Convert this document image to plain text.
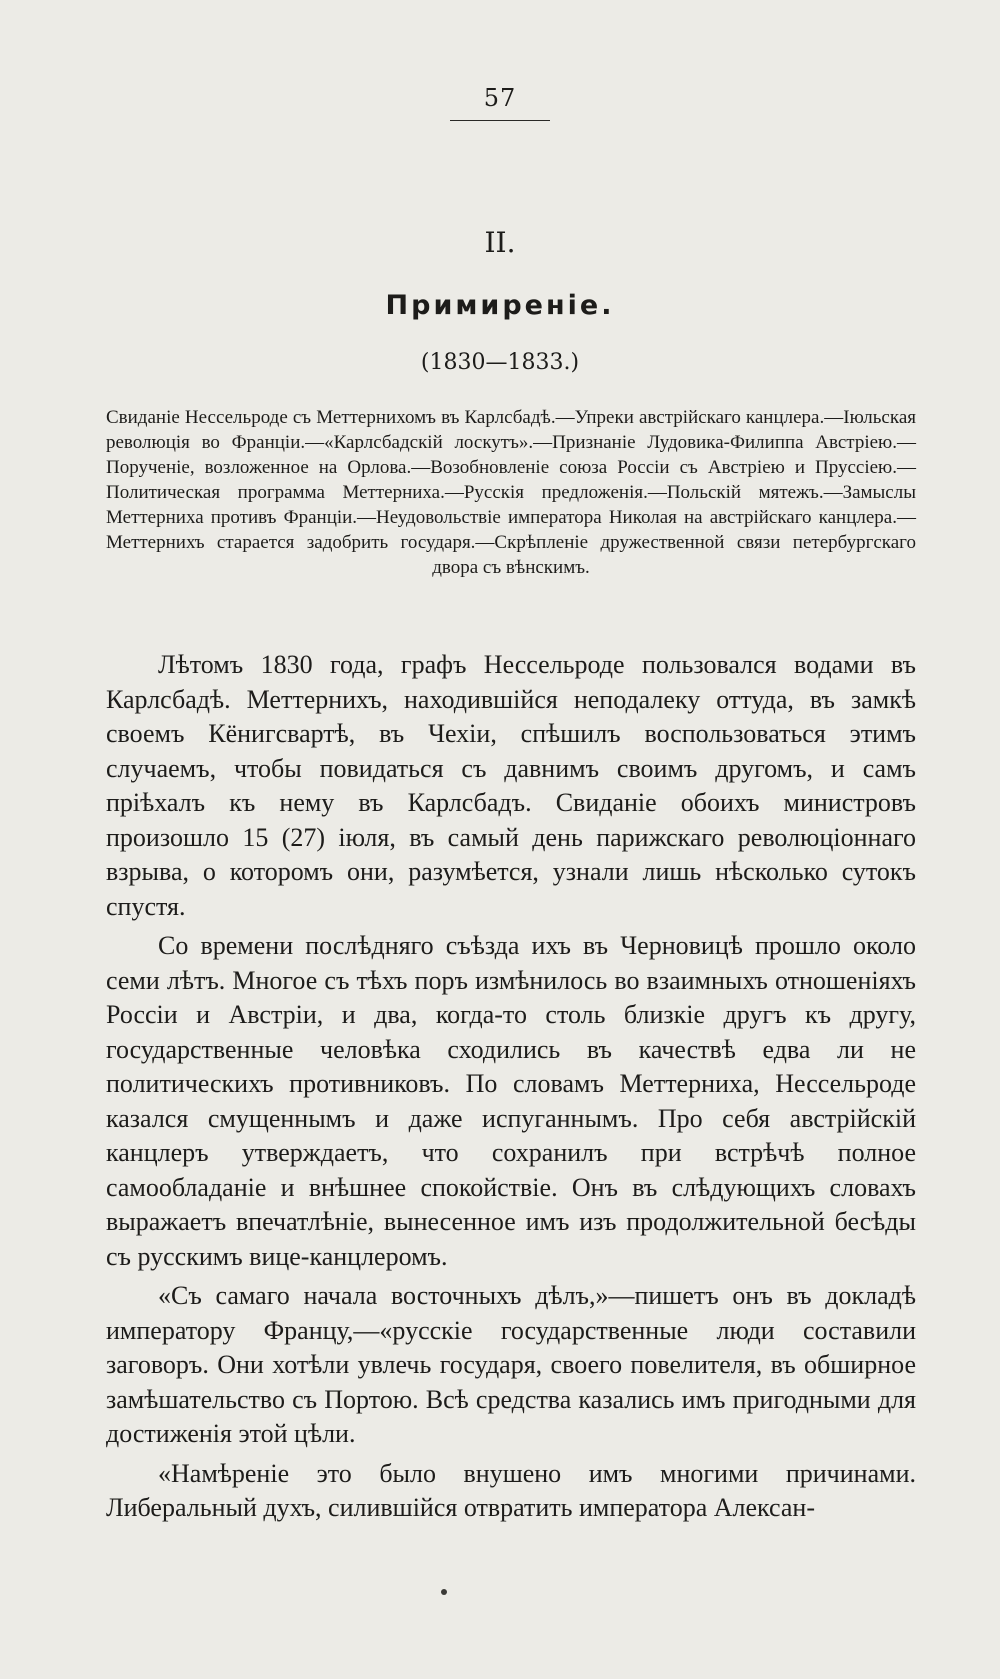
57
II.
Примиреніе.
(1830—1833.)
Свиданіе Нессельроде съ Меттернихомъ въ Карлсбадѣ.—Упреки австрійскаго канцлера.—Іюльская революція во Франціи.—«Карлсбадскій лоскутъ».—Признаніе Лудовика-Филиппа Австріею.—Порученіе, возложенное на Орлова.—Возобновленіе союза Россіи съ Австріею и Пруссіею.—Политическая программа Меттерниха.—Русскія предложенія.—Польскій мятежъ.—Замыслы Меттерниха противъ Франціи.—Неудовольствіе императора Николая на австрійскаго канцлера.—Меттернихъ старается задобрить государя.—Скрѣпленіе дружественной связи петербургскаго двора съ вѣнскимъ.

Лѣтомъ 1830 года, графъ Нессельроде пользовался водами въ Карлсбадѣ. Меттернихъ, находившійся неподалеку оттуда, въ замкѣ своемъ Кёнигсвартѣ, въ Чехіи, спѣшилъ воспользоваться этимъ случаемъ, чтобы повидаться съ давнимъ своимъ другомъ, и самъ пріѣхалъ къ нему въ Карлсбадъ. Свиданіе обоихъ министровъ произошло 15 (27) іюля, въ самый день парижскаго революціоннаго взрыва, о которомъ они, разумѣется, узнали лишь нѣсколько сутокъ спустя.

Со времени послѣдняго съѣзда ихъ въ Черновицѣ прошло около семи лѣтъ. Многое съ тѣхъ поръ измѣнилось во взаимныхъ отношеніяхъ Россіи и Австріи, и два, когда-то столь близкіе другъ къ другу, государственные человѣка сходились въ качествѣ едва ли не политическихъ противниковъ. По словамъ Меттерниха, Нессельроде казался смущеннымъ и даже испуганнымъ. Про себя австрійскій канцлеръ утверждаетъ, что сохранилъ при встрѣчѣ полное самообладаніе и внѣшнее спокойствіе. Онъ въ слѣдующихъ словахъ выражаетъ впечатлѣніе, вынесенное имъ изъ продолжительной бесѣды съ русскимъ вице-канцлеромъ.

«Съ самаго начала восточныхъ дѣлъ,»—пишетъ онъ въ докладѣ императору Францу,—«русскіе государственные люди составили заговоръ. Они хотѣли увлечь государя, своего повелителя, въ обширное замѣшательство съ Портою. Всѣ средства казались имъ пригодными для достиженія этой цѣли.

«Намѣреніе это было внушено имъ многими причинами. Либеральный духъ, силившійся отвратить императора Алексан-
